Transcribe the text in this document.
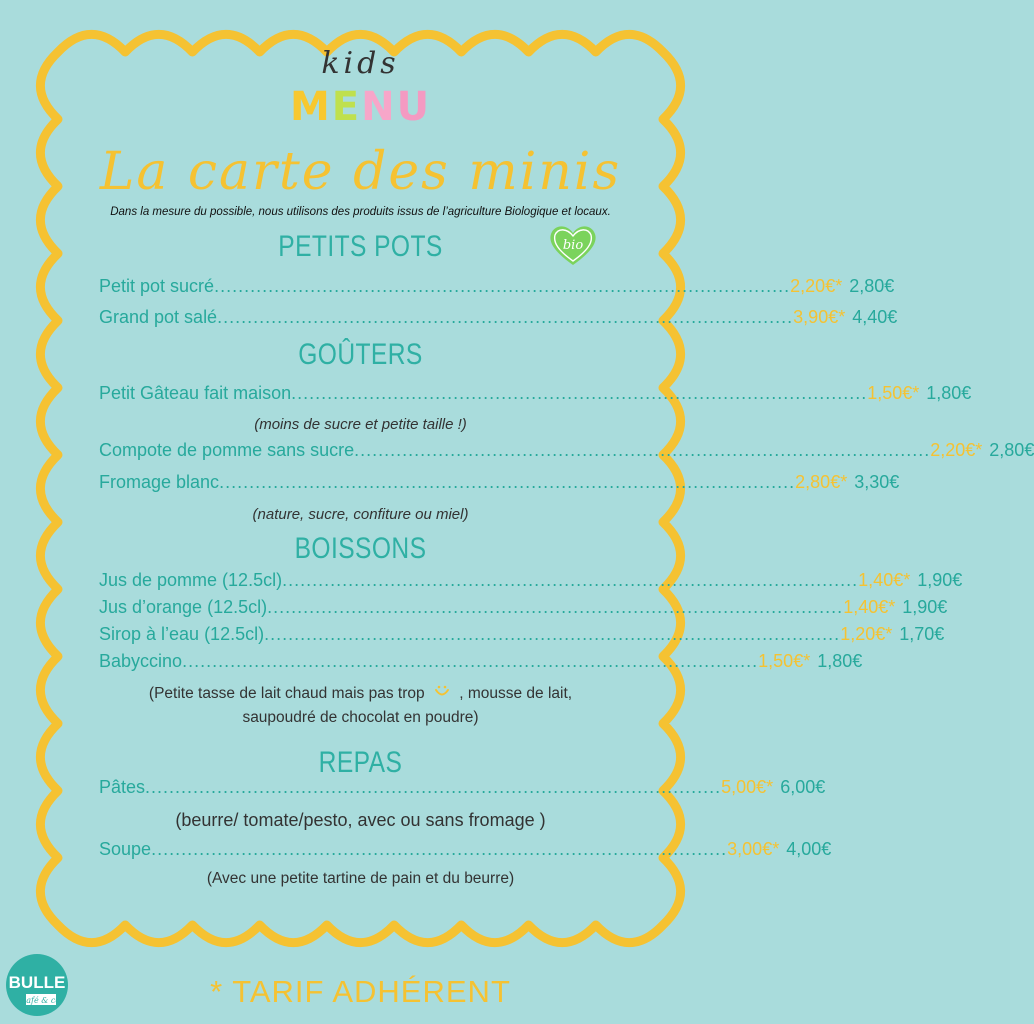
kids
MENU
La carte des minis
Dans la mesure du possible, nous utilisons des produits issus de l’agriculture Biologique et locaux.
bio
PETITS POTS
Petit pot sucré ................................................................................................ 2,20€* 2,80€
Grand pot salé ................................................................................................ 3,90€* 4,40€
GOÛTERS
Petit Gâteau fait maison ................................................................................................ 1,50€* 1,80€
(moins de sucre et petite taille !)
Compote de pomme sans sucre ................................................................................................ 2,20€* 2,80€
Fromage blanc ................................................................................................ 2,80€* 3,30€
(nature, sucre, confiture ou miel)
BOISSONS
Jus de pomme (12.5cl) ................................................................................................ 1,40€* 1,90€
Jus d’orange (12.5cl) ................................................................................................ 1,40€* 1,90€
Sirop à l’eau (12.5cl) ................................................................................................ 1,20€* 1,70€
Babyccino ................................................................................................ 1,50€* 1,80€
(Petite tasse de lait chaud mais pas trop , mousse de lait,
saupoudré de chocolat en poudre)
REPAS
Pâtes ................................................................................................ 5,00€* 6,00€
(beurre/ tomate/pesto, avec ou sans fromage )
Soupe ................................................................................................ 3,00€* 4,00€
(Avec une petite tartine de pain et du beurre)
BULLE
café & co	* TARIF ADHÉRENT
